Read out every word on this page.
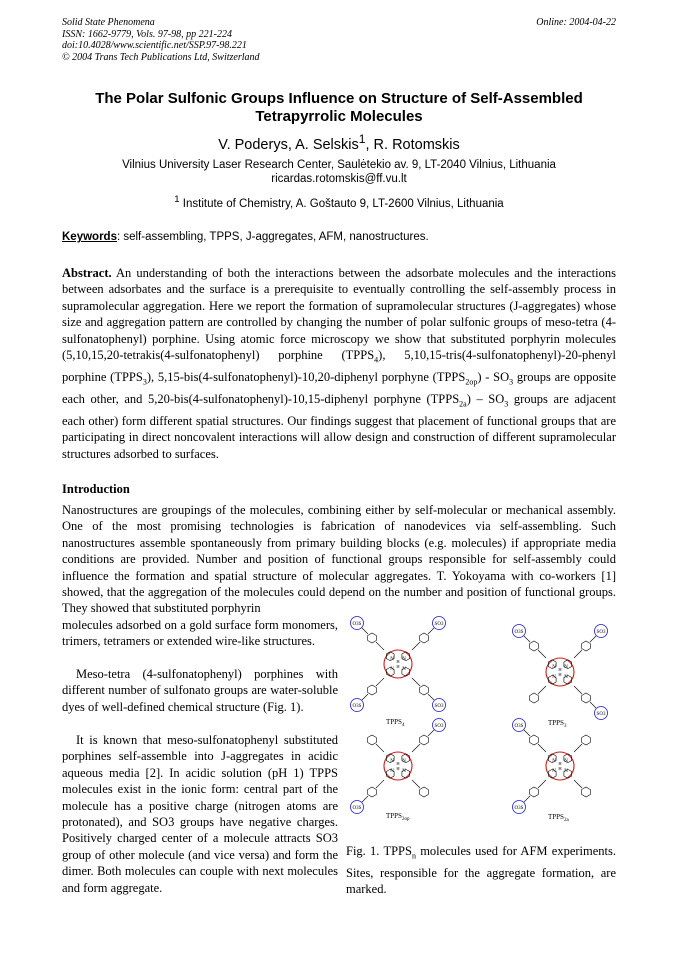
Solid State Phenomena
ISSN: 1662-9779, Vols. 97-98, pp 221-224
doi:10.4028/www.scientific.net/SSP.97-98.221
© 2004 Trans Tech Publications Ltd, Switzerland
Online: 2004-04-22
The Polar Sulfonic Groups Influence on Structure of Self-Assembled Tetrapyrrolic Molecules
V. Poderys, A. Selskis$^1$, R. Rotomskis
Vilnius University Laser Research Center, Saulėtekio av. 9, LT-2040 Vilnius, Lithuania
ricardas.rotomskis@ff.vu.lt
$^1$ Institute of Chemistry, A. Goštauto 9, LT-2600 Vilnius, Lithuania
Keywords: self-assembling, TPPS, J-aggregates, AFM, nanostructures.

Abstract. An understanding of both the interactions between the adsorbate molecules and the interactions between adsorbates and the surface is a prerequisite to eventually controlling the self-assembly process in supramolecular aggregation. Here we report the formation of supramolecular structures (J-aggregates) whose size and aggregation pattern are controlled by changing the number of polar sulfonic groups of meso-tetra (4-sulfonatophenyl) porphine. Using atomic force microscopy we show that substituted porphyrin molecules (5,10,15,20-tetrakis(4-sulfonatophenyl) porphine $(TPPS_4)$, 5,10,15-tris(4-sulfonatophenyl)-20-phenyl porphine $(TPPS_3)$, 5,15-bis(4-sulfonatophenyl)-10,20-diphenyl porphyne $(TPPS_{2op}) - SO_3$ groups are opposite each other, and 5,20-bis(4-sulfonatophenyl)-10,15-diphenyl porphyne $(TPPS_{2a}) - SO_3$ groups are adjacent each other) form different spatial structures. Our findings suggest that placement of functional groups that are participating in direct noncovalent interactions will allow design and construction of different supramolecular structures adsorbed to surfaces.

Introduction

Nanostructures are groupings of the molecules, combining either by self-molecular or mechanical assembly. One of the most promising technologies is fabrication of nanodevices via self-assembling. Such nanostructures assemble spontaneously from primary building blocks (e.g. molecules) if appropriate media conditions are provided. Number and position of functional groups responsible for self-assembly could influence the formation and spatial structure of molecular aggregates. T. Yokoyama with co-workers [1] showed, that the aggregation of the molecules could depend on the number and position of functional groups. They showed that substituted porphyrin

molecules adsorbed on a gold surface form monomers, trimers, tetramers or extended wire-like structures.

Meso-tetra (4-sulfonatophenyl) porphines with different number of sulfonato groups are water-soluble dyes of well-defined chemical structure (Fig. 1).

It is known that meso-sulfonatophenyl substituted porphines self-assemble into J-aggregates in acidic aqueous media [2]. In acidic solution (pH 1) TPPS molecules exist in the ionic form: central part of the molecule has a positive charge (nitrogen atoms are protonated), and SO3 groups have negative charges. Positively charged center of a molecule attracts SO3 group of other molecule (and vice versa) and form the dimer. Both molecules can couple with next molecules and form aggregate.

N N
N N
H
H
O3S	SO3
O3S	SO3
N N
N N
H
H
O3S	SO3
SO3
N N
N N
H
H
SO3
O3S
N N
N N
H
H
O3S
O3S
$TPPS_4$	$TPPS_3$
$TPPS_{2op}$	$TPPS_{2a}$

Fig. 1. $TPPS_n$ molecules used for AFM experiments. Sites, responsible for the aggregate formation, are marked.
